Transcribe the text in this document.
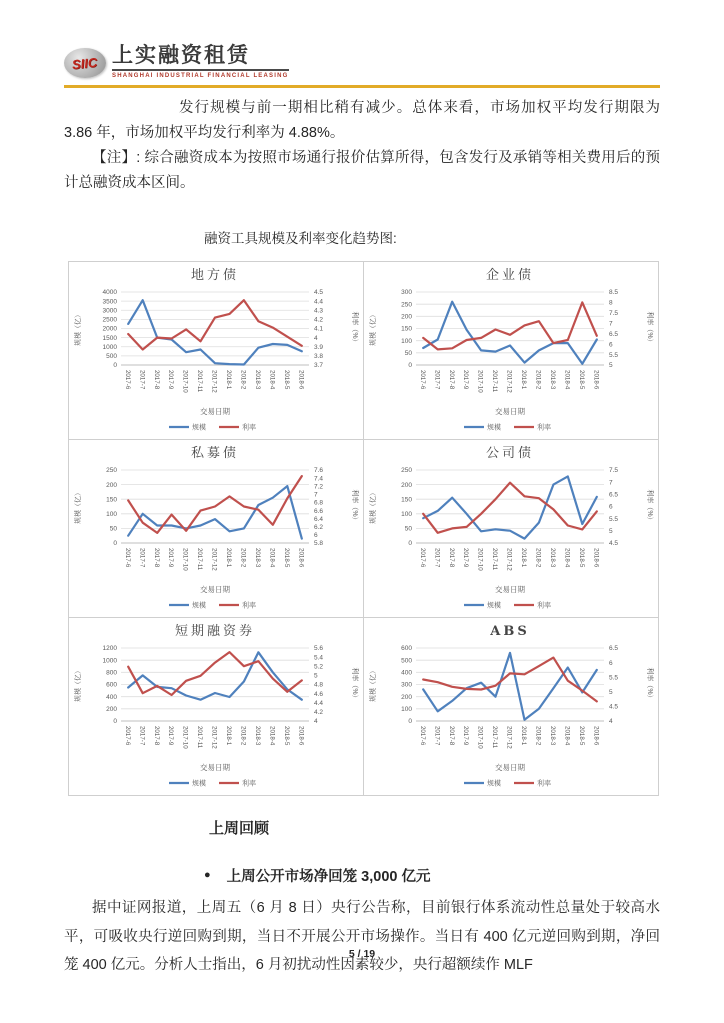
SIIC 上实融资租赁
SHANGHAI INDUSTRIAL FINANCIAL LEASING

发行规模与前一期相比稍有减少。总体来看，市场加权平均发行期限为 3.86 年，市场加权平均发行利率为 4.88%。

【注】: 综合融资成本为按照市场通行报价估算所得，包含发行及承销等相关费用后的预计总融资成本区间。

融资工具规模及利率变化趋势图:

0
500
1000
1500
2000
2500
3000
3500
4000
3.7
3.8
3.9
4
4.1
4.2
4.3
4.4
4.5
2017-6 2017-7 2017-8 2017-9 2017-10 2017-11 2017-12 2018-1 2018-2 2018-3 2018-4 2018-5 2018-6
地方债
规模（亿）	利率（%）
交易日期
规模	利率
0
50
100
150
200
250
300
5
5.5
6
6.5
7
7.5
8
8.5
2017-6 2017-7 2017-8 2017-9 2017-10 2017-11 2017-12 2018-1 2018-2 2018-3 2018-4 2018-5 2018-6
企业债
规模（亿）	利率（%）
交易日期
规模	利率
0
50
100
150
200
250
5.8
6
6.2
6.4
6.6
6.8
7
7.2
7.4
7.6
2017-6 2017-7 2017-8 2017-9 2017-10 2017-11 2017-12 2018-1 2018-2 2018-3 2018-4 2018-5 2018-6
私募债
规模（亿）	利率（%）
交易日期
规模	利率
0
50
100
150
200
250
4.5
5
5.5
6
6.5
7
7.5
2017-6 2017-7 2017-8 2017-9 2017-10 2017-11 2017-12 2018-1 2018-2 2018-3 2018-4 2018-5 2018-6
公司债
规模（亿）	利率（%）
交易日期
规模	利率
0
200
400
600
800
1000
1200
4
4.2
4.4
4.6
4.8
5
5.2
5.4
5.6
2017-6 2017-7 2017-8 2017-9 2017-10 2017-11 2017-12 2018-1 2018-2 2018-3 2018-4 2018-5 2018-6
短期融资券
规模（亿）	利率（%）
交易日期
规模	利率
0
100
200
300
400
500
600
4
4.5
5
5.5
6
6.5
2017-6 2017-7 2017-8 2017-9 2017-10 2017-11 2017-12 2018-1 2018-2 2018-3 2018-4 2018-5 2018-6
ABS
规模（亿）	利率（%）
交易日期
规模	利率

上周回顾

● 上周公开市场净回笼 3,000 亿元

据中证网报道，上周五（6 月 8 日）央行公告称，目前银行体系流动性总量处于较高水平，可吸收央行逆回购到期，当日不开展公开市场操作。当日有 400 亿元逆回购到期，净回笼 400 亿元。分析人士指出，6 月初扰动性因素较少，央行超额续作 MLF

5 / 19
